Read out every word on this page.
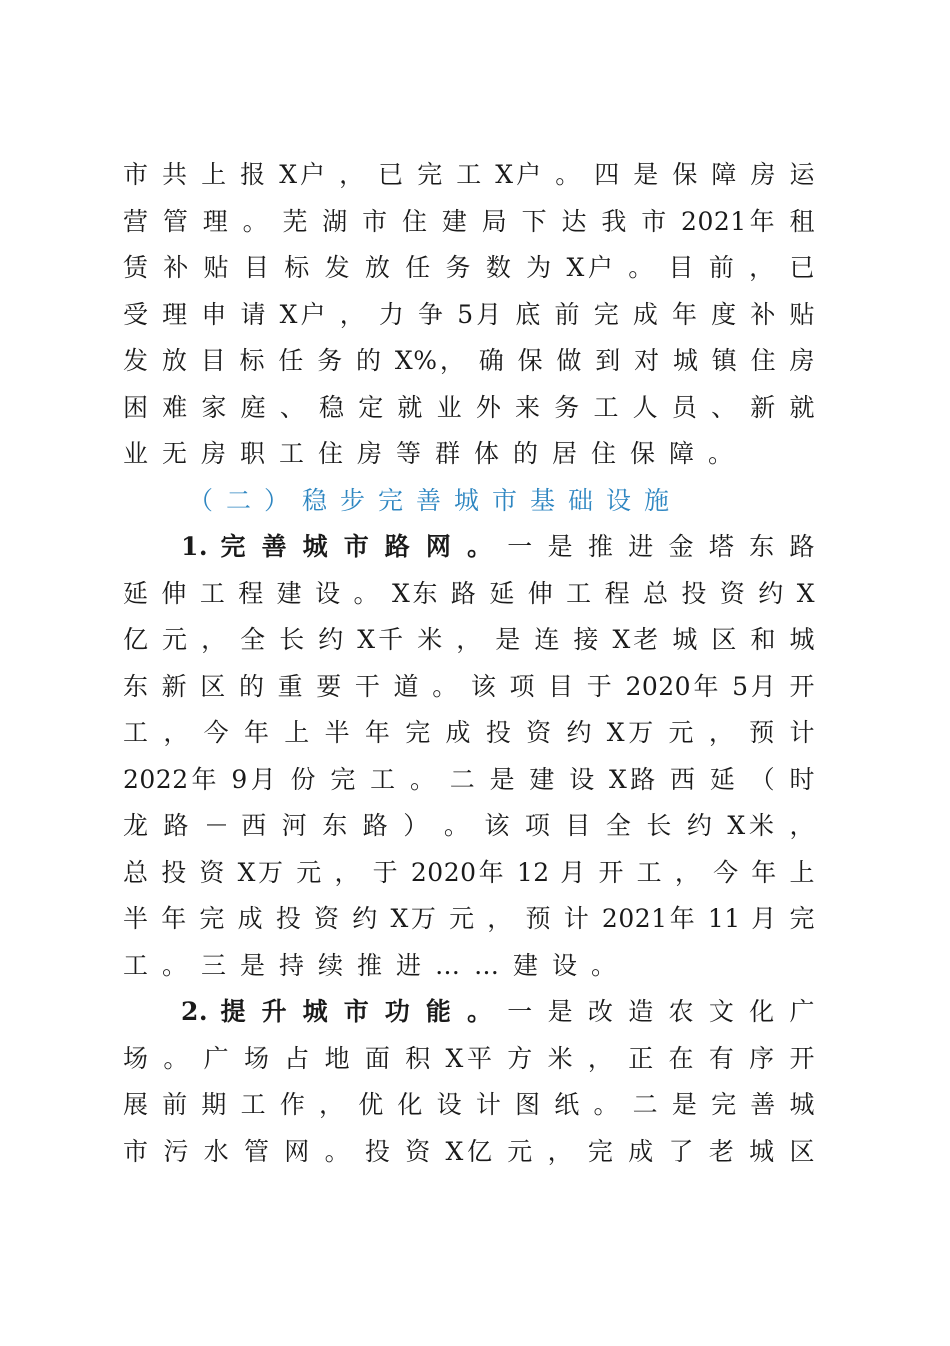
市 共 上 报 X户 ， 已 完 工 X户 。 四 是 保 障 房 运
营 管 理 。 芜 湖 市 住 建 局 下 达 我 市 2021年 租
赁 补 贴 目 标 发 放 任 务 数 为 X户 。 目 前 ， 已
受 理 申 请 X户 ， 力 争 5月 底 前 完 成 年 度 补 贴
发 放 目 标 任 务 的 X%， 确 保 做 到 对 城 镇 住 房
困 难 家 庭 、 稳 定 就 业 外 来 务 工 人 员 、 新 就
业无房职工住房等群体的居住保障。
（二）稳步完善城市基础设施
1. 完 善 城 市 路 网 。 一 是 推 进 金 塔 东 路
延 伸 工 程 建 设 。 X东 路 延 伸 工 程 总 投 资 约 X
亿 元 ， 全 长 约 X千 米 ， 是 连 接 X老 城 区 和 城
东 新 区 的 重 要 干 道 。 该 项 目 于 2020年 5月 开
工 ， 今 年 上 半 年 完 成 投 资 约 X万 元 ， 预 计
2022年 9月 份 完 工 。 二 是 建 设 X路 西 延 （ 时
龙 路 － 西 河 东 路 ） 。 该 项 目 全 长 约 X米 ，
总 投 资 X万 元 ， 于 2020年 12 月 开 工 ， 今 年 上
半 年 完 成 投 资 约 X万 元 ， 预 计 2021年 11 月 完
工。三是持续推进……建设。
2. 提 升 城 市 功 能 。 一 是 改 造 农 文 化 广
场 。 广 场 占 地 面 积 X平 方 米 ， 正 在 有 序 开
展 前 期 工 作 ， 优 化 设 计 图 纸 。 二 是 完 善 城
市 污 水 管 网 。 投 资 X亿 元 ， 完 成 了 老 城 区
